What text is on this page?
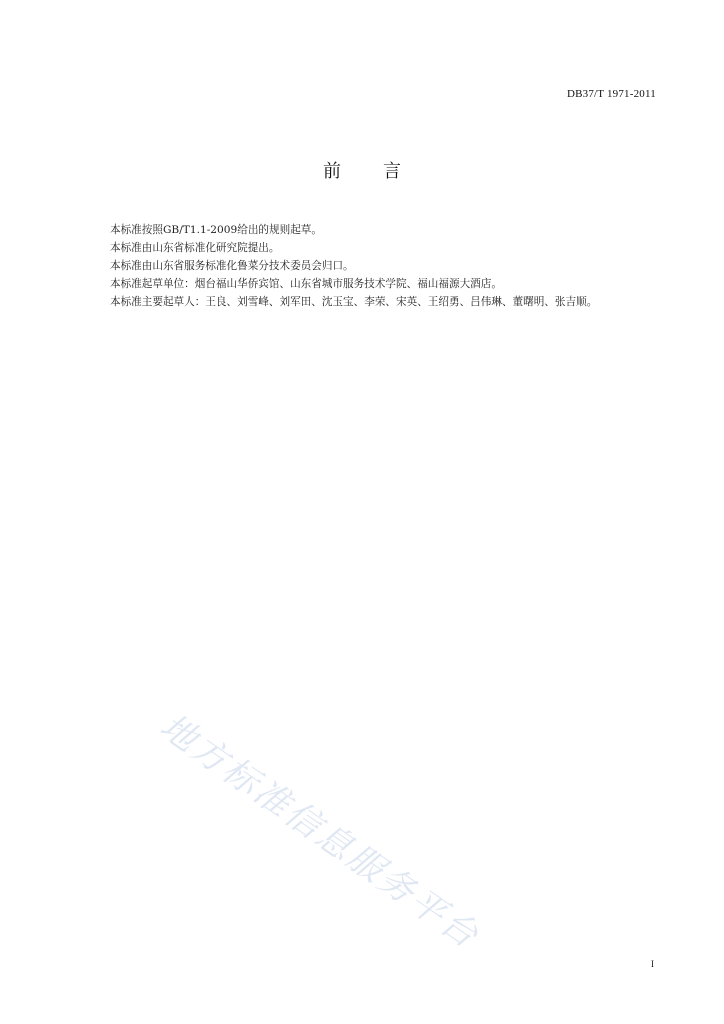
DB37/T 1971-2011
前 言

本标准按照GB/T1.1-2009给出的规则起草。

本标准由山东省标准化研究院提出。

本标准由山东省服务标准化鲁菜分技术委员会归口。

本标准起草单位：烟台福山华侨宾馆、山东省城市服务技术学院、福山福源大酒店。

本标准主要起草人：王良、刘雪峰、刘军田、沈玉宝、李荣、宋英、王绍勇、吕伟琳、董曙明、张吉顺。

地方标准信息服务平台
I
